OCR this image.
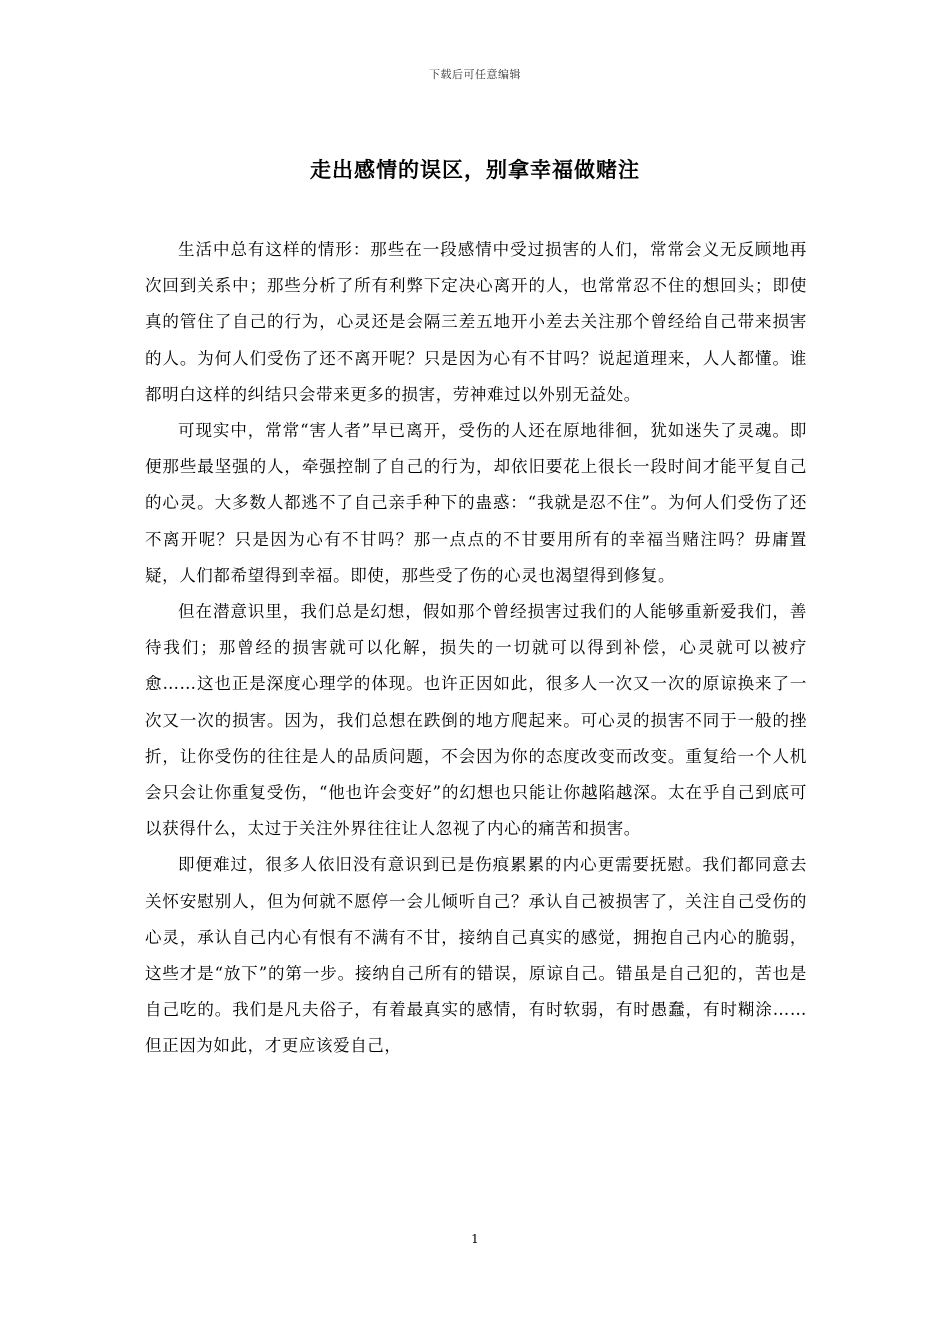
下载后可任意编辑
走出感情的误区，别拿幸福做赌注

生活中总有这样的情形：那些在一段感情中受过损害的人们，常常会义无反顾地再次回到关系中；那些分析了所有利弊下定决心离开的人，也常常忍不住的想回头；即使真的管住了自己的行为，心灵还是会隔三差五地开小差去关注那个曾经给自己带来损害的人。为何人们受伤了还不离开呢？只是因为心有不甘吗？说起道理来，人人都懂。谁都明白这样的纠结只会带来更多的损害，劳神难过以外别无益处。

可现实中，常常“害人者”早已离开，受伤的人还在原地徘徊，犹如迷失了灵魂。即便那些最坚强的人，牵强控制了自己的行为，却依旧要花上很长一段时间才能平复自己的心灵。大多数人都逃不了自己亲手种下的蛊惑：“我就是忍不住”。为何人们受伤了还不离开呢？只是因为心有不甘吗？那一点点的不甘要用所有的幸福当赌注吗？毋庸置疑，人们都希望得到幸福。即使，那些受了伤的心灵也渴望得到修复。

但在潜意识里，我们总是幻想，假如那个曾经损害过我们的人能够重新爱我们，善待我们；那曾经的损害就可以化解，损失的一切就可以得到补偿，心灵就可以被疗愈……这也正是深度心理学的体现。也许正因如此，很多人一次又一次的原谅换来了一次又一次的损害。因为，我们总想在跌倒的地方爬起来。可心灵的损害不同于一般的挫折，让你受伤的往往是人的品质问题，不会因为你的态度改变而改变。重复给一个人机会只会让你重复受伤，“他也许会变好”的幻想也只能让你越陷越深。太在乎自己到底可以获得什么，太过于关注外界往往让人忽视了内心的痛苦和损害。

即便难过，很多人依旧没有意识到已是伤痕累累的内心更需要抚慰。我们都同意去关怀安慰别人，但为何就不愿停一会儿倾听自己？承认自己被损害了，关注自己受伤的心灵，承认自己内心有恨有不满有不甘，接纳自己真实的感觉，拥抱自己内心的脆弱，这些才是“放下”的第一步。接纳自己所有的错误，原谅自己。错虽是自己犯的，苦也是自己吃的。我们是凡夫俗子，有着最真实的感情，有时软弱，有时愚蠢，有时糊涂……但正因为如此，才更应该爱自己，

1
